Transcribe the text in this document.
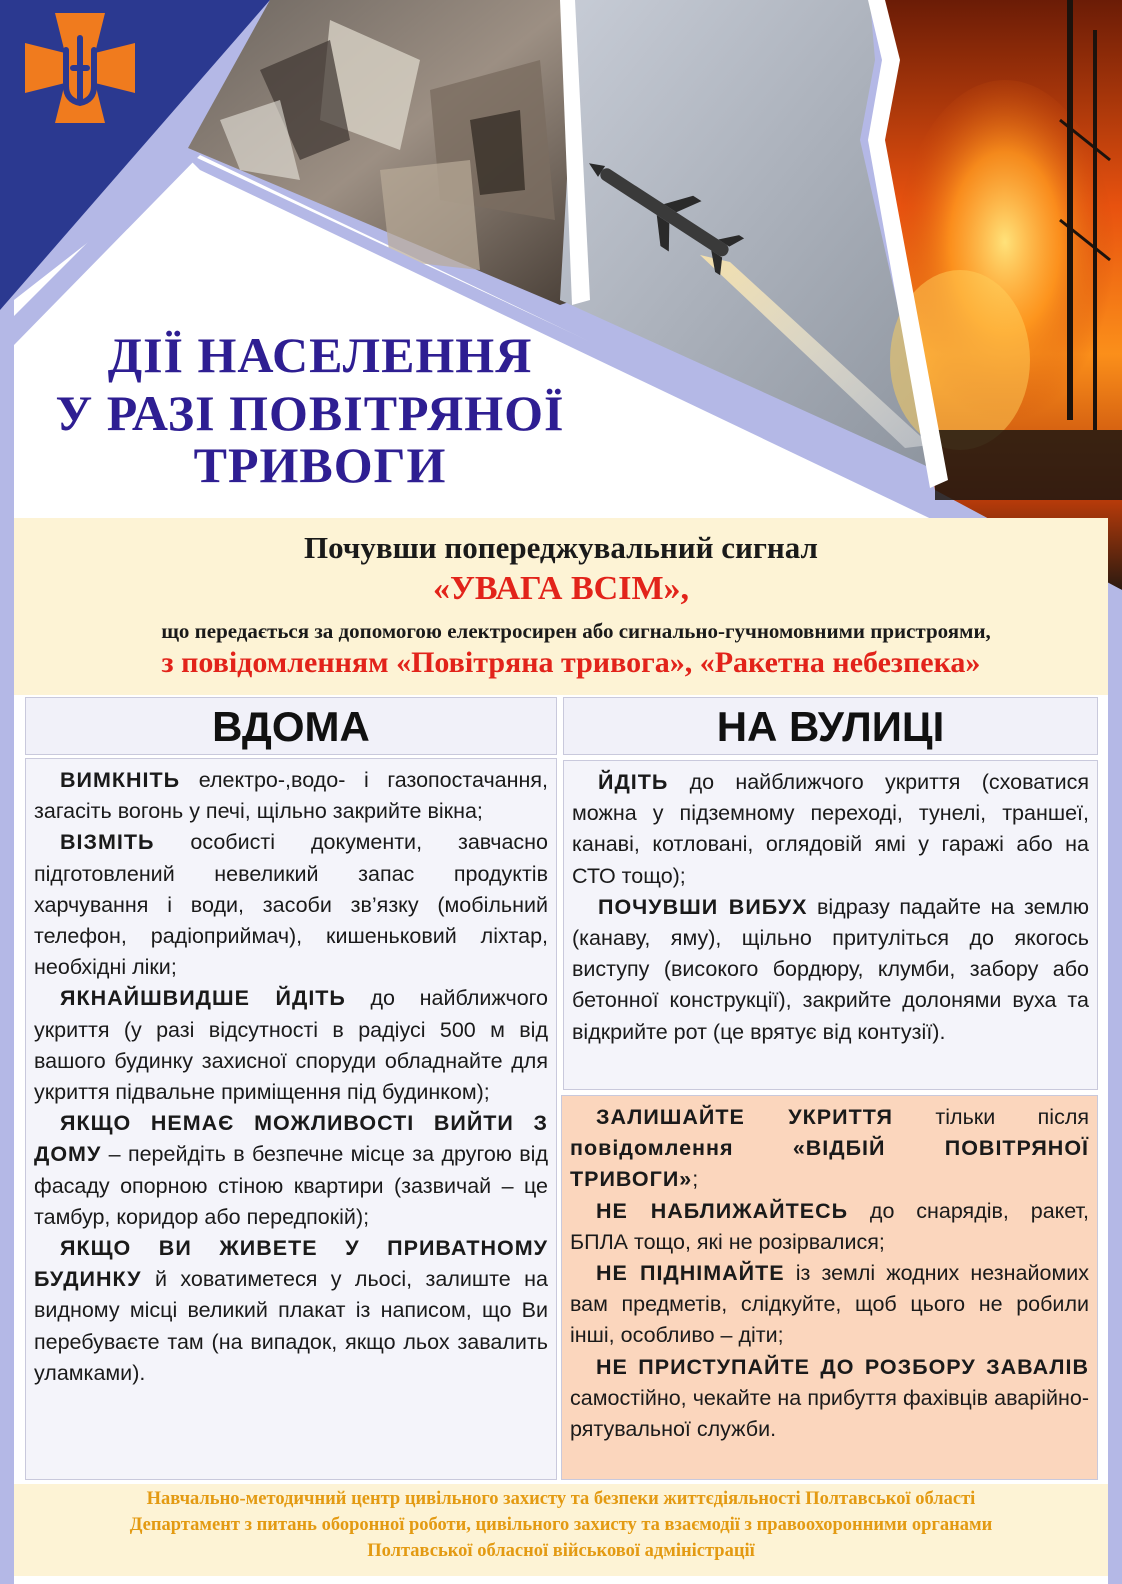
ДІЇ НАСЕЛЕННЯ
У РАЗІ ПОВІТРЯНОЇ
ТРИВОГИ
Почувши попереджувальний сигнал
«УВАГА ВСІМ»,
що передається за допомогою електросирен або сигнально-гучномовними пристроями,
з повідомленням «Повітряна тривога», «Ракетна небезпека»
ВДОМА	НА ВУЛИЦІ

ВИМКНІТЬ електро-,водо- і газопостачання, загасіть вогонь у печі, щільно закрийте вікна;

ВІЗМІТЬ особисті документи, завчасно підготовлений невеликий запас продуктів харчування і води, засоби зв’язку (мобільний телефон, радіоприймач), кишеньковий ліхтар, необхідні ліки;

ЯКНАЙШВИДШЕ ЙДІТЬ до найближчого укриття (у разі відсутності в радіусі 500 м від вашого будинку захисної споруди обладнайте для укриття підвальне приміщення під будинком);

ЯКЩО НЕМАЄ МОЖЛИВОСТІ ВИЙТИ З ДОМУ – перейдіть в безпечне місце за другою від фасаду опорною стіною квартири (зазвичай – це тамбур, коридор або передпокій);

ЯКЩО ВИ ЖИВЕТЕ У ПРИВАТНОМУ БУДИНКУ й ховатиметеся у льосі, залиште на видному місці великий плакат із написом, що Ви перебуваєте там (на випадок, якщо льох завалить уламками).

ЙДІТЬ до найближчого укриття (сховатися можна у підземному переході, тунелі, траншеї, канаві, котловані, оглядовій ямі у гаражі або на СТО тощо);

ПОЧУВШИ ВИБУХ відразу падайте на землю (канаву, яму), щільно притуліться до якогось виступу (високого бордюру, клумби, забору або бетонної конструкції), закрийте долонями вуха та відкрийте рот (це врятує від контузії).

ЗАЛИШАЙТЕ УКРИТТЯ тільки після повідомлення «ВІДБІЙ ПОВІТРЯНОЇ ТРИВОГИ»;

НЕ НАБЛИЖАЙТЕСЬ до снарядів, ракет, БПЛА тощо, які не розірвалися;

НЕ ПІДНІМАЙТЕ із землі жодних незнайомих вам предметів, слідкуйте, щоб цього не робили інші, особливо – діти;

НЕ ПРИСТУПАЙТЕ ДО РОЗБОРУ ЗАВАЛІВ самостійно, чекайте на прибуття фахівців аварійно-рятувальної служби.

Навчально-методичний центр цивільного захисту та безпеки життєдіяльності Полтавської області
Департамент з питань оборонної роботи, цивільного захисту та взаємодії з правоохоронними органами
Полтавської обласної військової адміністрації
